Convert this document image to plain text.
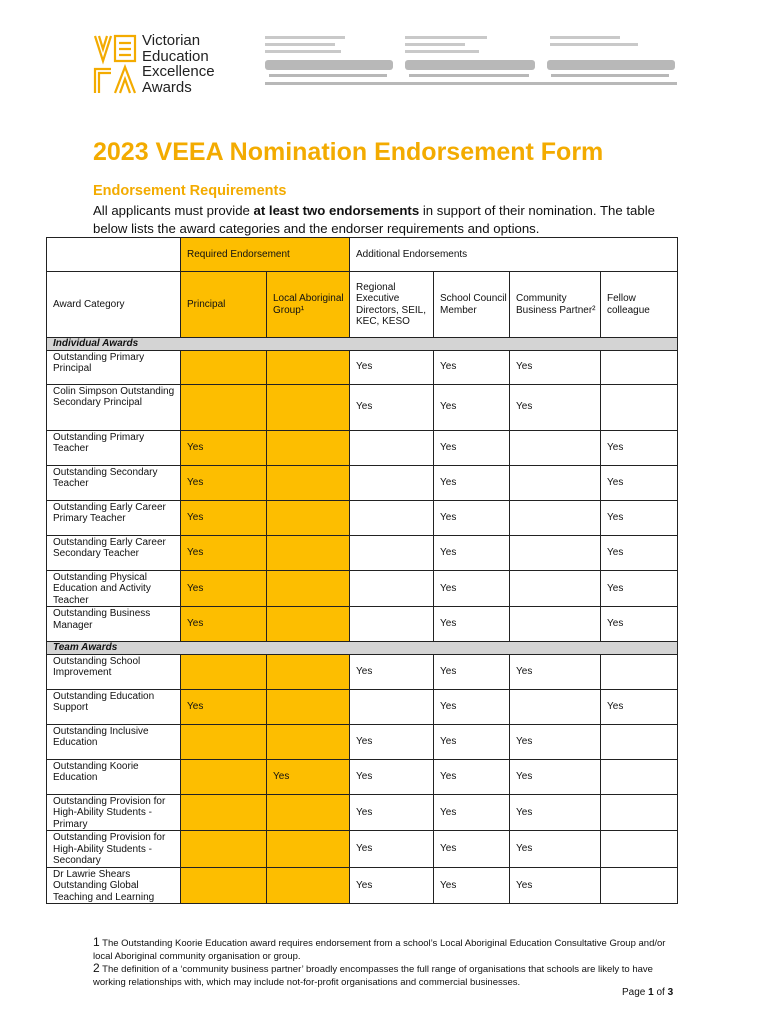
Victorian
Education
Excellence
Awards
2023 VEEA Nomination Endorsement Form
Endorsement Requirements
All applicants must provide at least two endorsements in support of their nomination. The table below lists the award categories and the endorser requirements and options.
	Required Endorsement		Additional Endorsements			
Award Category	Principal	Local Aboriginal Group¹	Regional Executive Directors, SEIL, KEC, KESO	School Council Member	Community Business Partner²	Fellow colleague
Individual Awards						
Outstanding Primary Principal			Yes	Yes	Yes	
Colin Simpson Outstanding Secondary Principal			Yes	Yes	Yes	
Outstanding Primary Teacher	Yes			Yes		Yes
Outstanding Secondary Teacher	Yes			Yes		Yes
Outstanding Early Career Primary Teacher	Yes			Yes		Yes
Outstanding Early Career Secondary Teacher	Yes			Yes		Yes
Outstanding Physical Education and Activity Teacher	Yes			Yes		Yes
Outstanding Business Manager	Yes			Yes		Yes
Team Awards						
Outstanding School Improvement			Yes	Yes	Yes	
Outstanding Education Support	Yes			Yes		Yes
Outstanding Inclusive Education			Yes	Yes	Yes	
Outstanding Koorie Education		Yes	Yes	Yes	Yes	
Outstanding Provision for High-Ability Students - Primary			Yes	Yes	Yes	
Outstanding Provision for High-Ability Students - Secondary			Yes	Yes	Yes	
Dr Lawrie Shears Outstanding Global Teaching and Learning			Yes	Yes	Yes	
1 The Outstanding Koorie Education award requires endorsement from a school’s Local Aboriginal Education Consultative Group and/or local Aboriginal community organisation or group.
2 The definition of a ‘community business partner’ broadly encompasses the full range of organisations that schools are likely to have working relationships with, which may include not-for-profit organisations and commercial businesses.
Page 1 of 3
